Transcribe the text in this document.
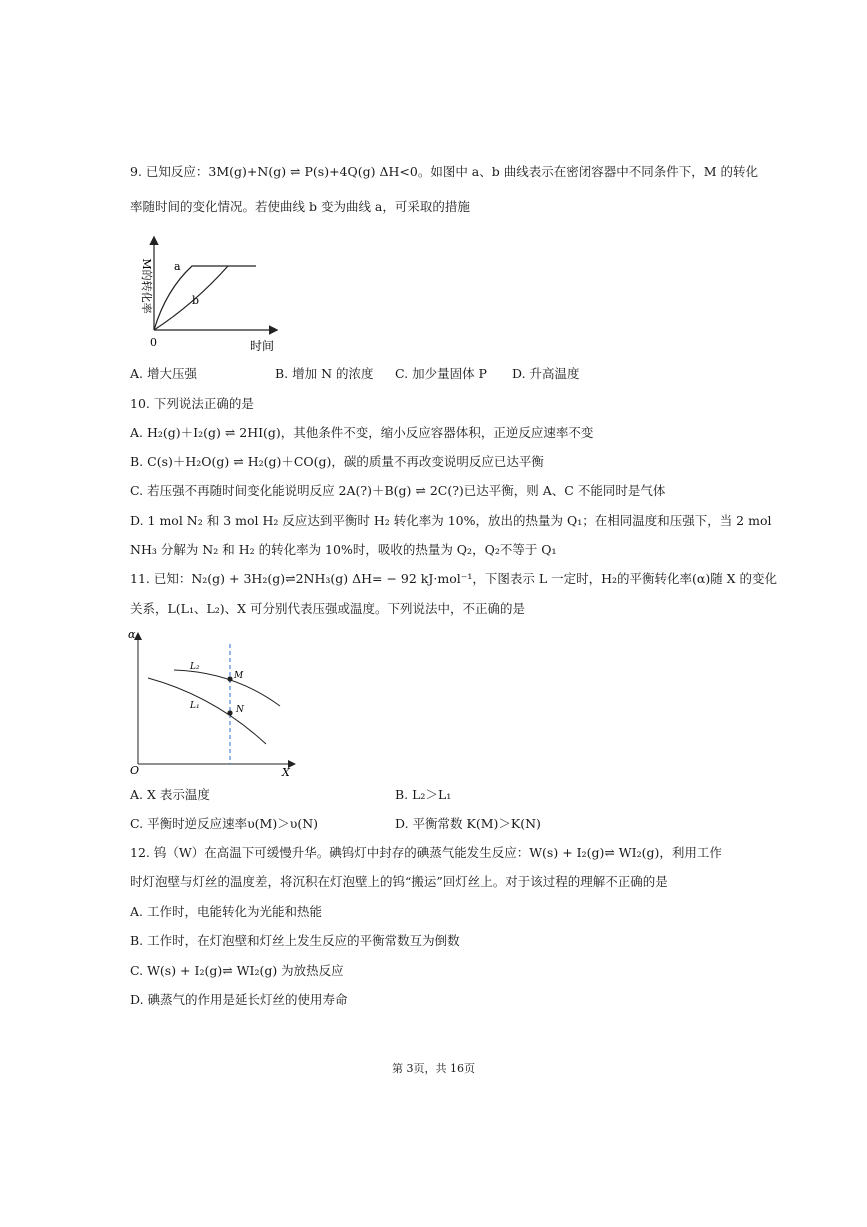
9. 已知反应：3M(g)+N(g) ⇌ P(s)+4Q(g) ΔH<0。如图中 a、b 曲线表示在密闭容器中不同条件下，M 的转化
率随时间的变化情况。若使曲线 b 变为曲线 a，可采取的措施
M的转化率 a
b
0	时间
A. 增大压强	B. 增加 N 的浓度 C. 加少量固体 P D. 升高温度
10. 下列说法正确的是
A. H₂(g)＋I₂(g) ⇌ 2HI(g)，其他条件不变，缩小反应容器体积，正逆反应速率不变
B. C(s)＋H₂O(g) ⇌ H₂(g)＋CO(g)，碳的质量不再改变说明反应已达平衡
C. 若压强不再随时间变化能说明反应 2A(?)＋B(g) ⇌ 2C(?)已达平衡，则 A、C 不能同时是气体
D. 1 mol N₂ 和 3 mol H₂ 反应达到平衡时 H₂ 转化率为 10%，放出的热量为 Q₁；在相同温度和压强下，当 2 mol
NH₃ 分解为 N₂ 和 H₂ 的转化率为 10%时，吸收的热量为 Q₂，Q₂不等于 Q₁
11. 已知：N₂(g) + 3H₂(g)⇌2NH₃(g) ΔH= − 92 kJ·mol⁻¹，下图表示 L 一定时，H₂的平衡转化率(α)随 X 的变化
关系，L(L₁、L₂)、X 可分别代表压强或温度。下列说法中，不正确的是
α
O	X
L₂
L₁
M
N
A. X 表示温度	B. L₂＞L₁
C. 平衡时逆反应速率υ(M)＞υ(N)	D. 平衡常数 K(M)＞K(N)
12. 钨（W）在高温下可缓慢升华。碘钨灯中封存的碘蒸气能发生反应：W(s) + I₂(g)⇌ WI₂(g)，利用工作
时灯泡壁与灯丝的温度差，将沉积在灯泡壁上的钨“搬运”回灯丝上。对于该过程的理解不正确的是
A. 工作时，电能转化为光能和热能
B. 工作时，在灯泡壁和灯丝上发生反应的平衡常数互为倒数
C. W(s) + I₂(g)⇌ WI₂(g) 为放热反应
D. 碘蒸气的作用是延长灯丝的使用寿命
第 3页，共 16页
